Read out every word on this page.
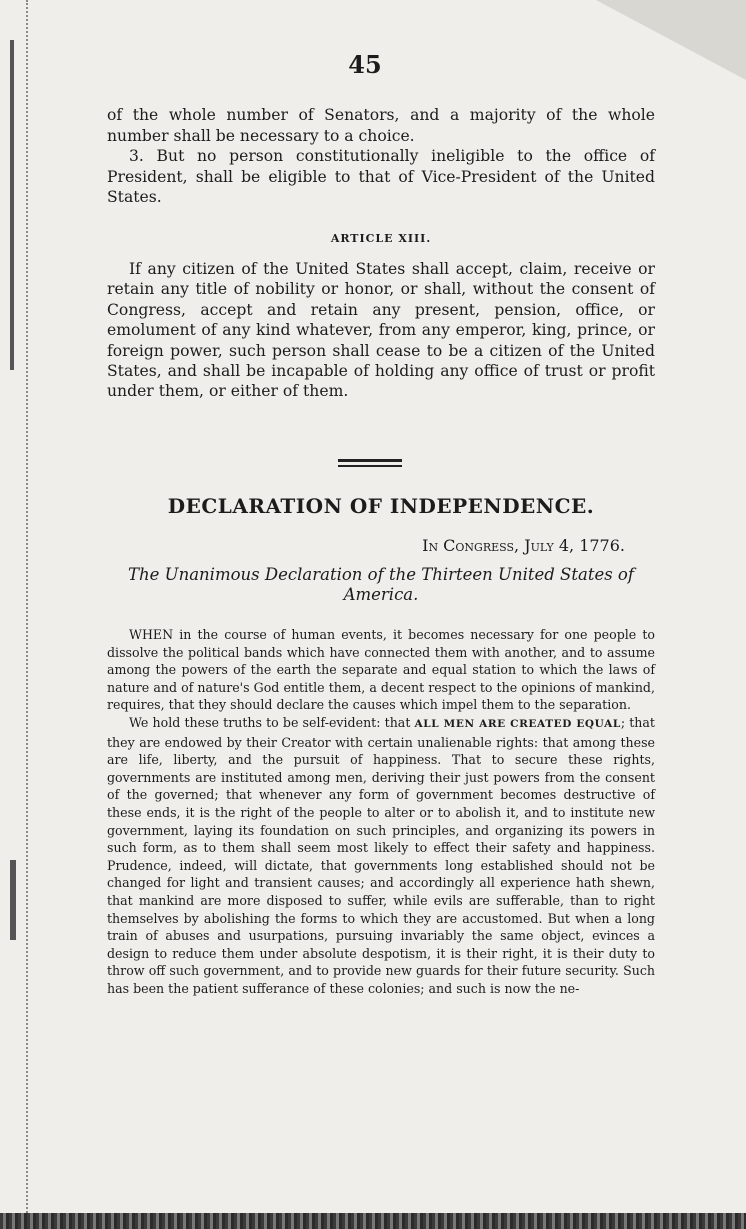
45

of the whole number of Senators, and a majority of the whole number shall be necessary to a choice.

3. But no person constitutionally ineligible to the office of President, shall be eligible to that of Vice-President of the United States.

ARTICLE XIII.

If any citizen of the United States shall accept, claim, receive or retain any title of nobility or honor, or shall, without the consent of Congress, accept and retain any present, pension, office, or emolument of any kind whatever, from any emperor, king, prince, or foreign power, such person shall cease to be a citizen of the United States, and shall be incapable of holding any office of trust or profit under them, or either of them.

DECLARATION OF INDEPENDENCE.
In Congress, July 4, 1776.
The Unanimous Declaration of the Thirteen United States of America.

WHEN in the course of human events, it becomes necessary for one people to dissolve the political bands which have connected them with another, and to assume among the powers of the earth the separate and equal station to which the laws of nature and of nature's God entitle them, a decent respect to the opinions of mankind, requires, that they should declare the causes which impel them to the separation.

We hold these truths to be self-evident: that ALL MEN ARE CREATED EQUAL; that they are endowed by their Creator with certain unalienable rights: that among these are life, liberty, and the pursuit of happiness. That to secure these rights, governments are instituted among men, deriving their just powers from the consent of the governed; that whenever any form of government becomes destructive of these ends, it is the right of the people to alter or to abolish it, and to institute new government, laying its foundation on such principles, and organizing its powers in such form, as to them shall seem most likely to effect their safety and happiness. Prudence, indeed, will dictate, that governments long established should not be changed for light and transient causes; and accordingly all experience hath shewn, that mankind are more disposed to suffer, while evils are sufferable, than to right themselves by abolishing the forms to which they are accustomed. But when a long train of abuses and usurpations, pursuing invariably the same object, evinces a design to reduce them under absolute despotism, it is their right, it is their duty to throw off such government, and to provide new guards for their future security. Such has been the patient sufferance of these colonies; and such is now the ne-
